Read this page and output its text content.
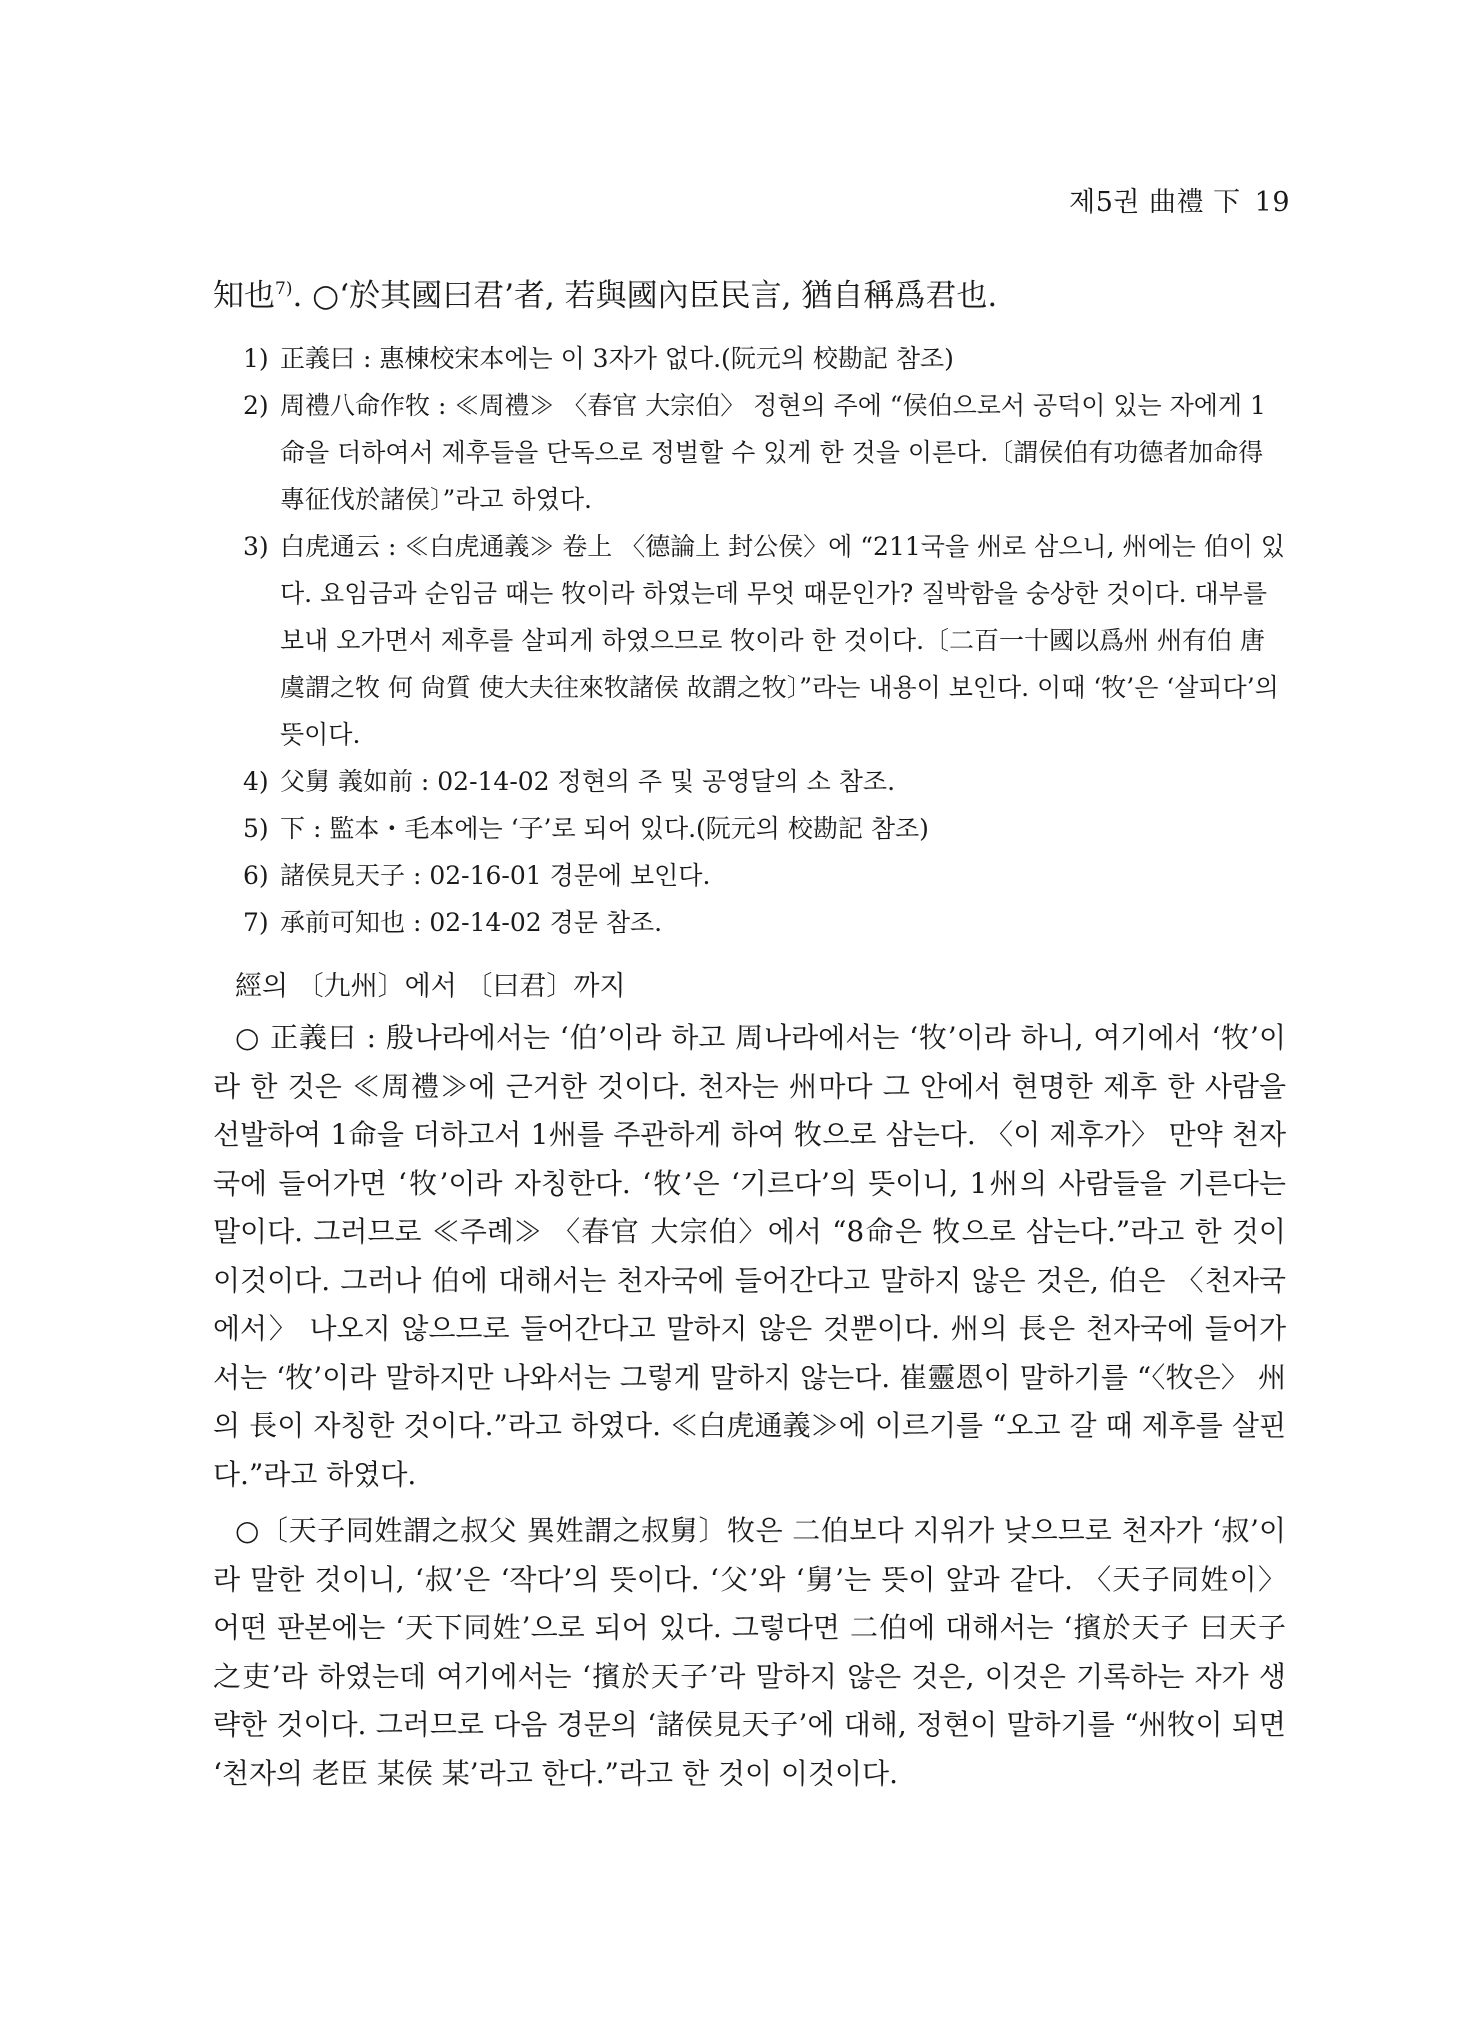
제5권 曲禮 下 19

知也$^{7)}$. ○‘於其國曰君’者, 若與國內臣民言, 猶自稱爲君也.

1) 正義曰 : 惠棟校宋本에는 이 3자가 없다.(阮元의 校勘記 참조)
2) 周禮八命作牧 : ≪周禮≫ 〈春官 大宗伯〉 정현의 주에 “侯伯으로서 공덕이 있는 자에게 1命을 더하여서 제후들을 단독으로 정벌할 수 있게 한 것을 이른다.〔謂侯伯有功德者加命得專征伐於諸侯〕”라고 하였다.
3) 白虎通云 : ≪白虎通義≫ 卷上 〈德論上 封公侯〉에 “211국을 州로 삼으니, 州에는 伯이 있다. 요임금과 순임금 때는 牧이라 하였는데 무엇 때문인가? 질박함을 숭상한 것이다. 대부를 보내 오가면서 제후를 살피게 하였으므로 牧이라 한 것이다.〔二百一十國以爲州 州有伯 唐虞謂之牧 何 尙質 使大夫往來牧諸侯 故謂之牧〕”라는 내용이 보인다. 이때 ‘牧’은 ‘살피다’의 뜻이다.
4) 父舅 義如前 : 02-14-02 정현의 주 및 공영달의 소 참조.
5) 下 : 監本・毛本에는 ‘子’로 되어 있다.(阮元의 校勘記 참조)
6) 諸侯見天子 : 02-16-01 경문에 보인다.
7) 承前可知也 : 02-14-02 경문 참조.
經의 〔九州〕에서 〔曰君〕까지

○ 正義曰 : 殷나라에서는 ‘伯’이라 하고 周나라에서는 ‘牧’이라 하니, 여기에서 ‘牧’이라 한 것은 ≪周禮≫에 근거한 것이다. 천자는 州마다 그 안에서 현명한 제후 한 사람을 선발하여 1命을 더하고서 1州를 주관하게 하여 牧으로 삼는다. 〈이 제후가〉 만약 천자국에 들어가면 ‘牧’이라 자칭한다. ‘牧’은 ‘기르다’의 뜻이니, 1州의 사람들을 기른다는 말이다. 그러므로 ≪주례≫ 〈春官 大宗伯〉에서 “8命은 牧으로 삼는다.”라고 한 것이 이것이다. 그러나 伯에 대해서는 천자국에 들어간다고 말하지 않은 것은, 伯은 〈천자국에서〉 나오지 않으므로 들어간다고 말하지 않은 것뿐이다. 州의 長은 천자국에 들어가서는 ‘牧’이라 말하지만 나와서는 그렇게 말하지 않는다. 崔靈恩이 말하기를 “〈牧은〉 州의 長이 자칭한 것이다.”라고 하였다. ≪白虎通義≫에 이르기를 “오고 갈 때 제후를 살핀다.”라고 하였다.

○〔天子同姓謂之叔父 異姓謂之叔舅〕牧은 二伯보다 지위가 낮으므로 천자가 ‘叔’이라 말한 것이니, ‘叔’은 ‘작다’의 뜻이다. ‘父’와 ‘舅’는 뜻이 앞과 같다. 〈天子同姓이〉 어떤 판본에는 ‘天下同姓’으로 되어 있다. 그렇다면 二伯에 대해서는 ‘擯於天子 曰天子之吏’라 하였는데 여기에서는 ‘擯於天子’라 말하지 않은 것은, 이것은 기록하는 자가 생략한 것이다. 그러므로 다음 경문의 ‘諸侯見天子’에 대해, 정현이 말하기를 “州牧이 되면 ‘천자의 老臣 某侯 某’라고 한다.”라고 한 것이 이것이다.
